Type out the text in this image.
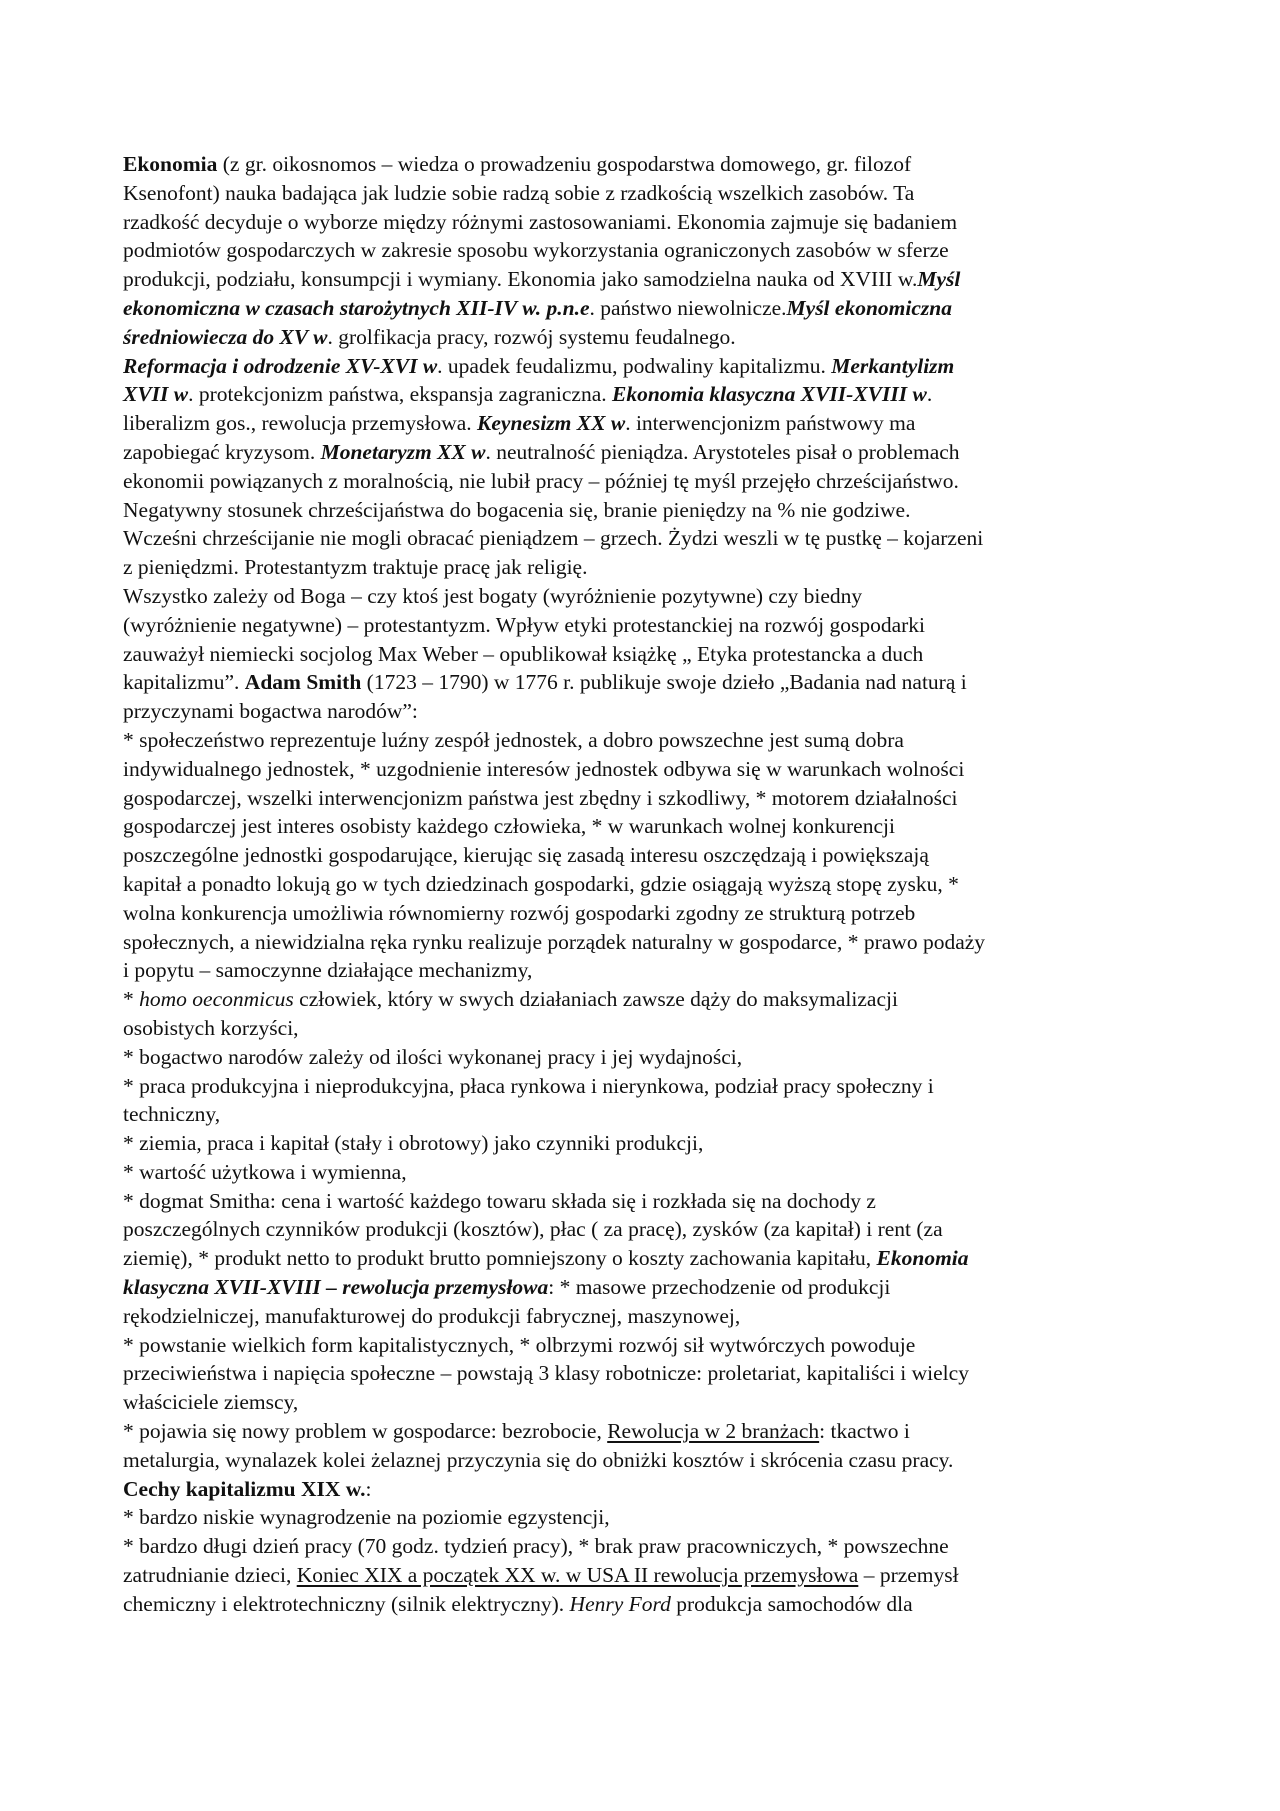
Ekonomia (z gr. oikosnomos – wiedza o prowadzeniu gospodarstwa domowego, gr. filozof
Ksenofont) nauka badająca jak ludzie sobie radzą sobie z rzadkością wszelkich zasobów. Ta
rzadkość decyduje o wyborze między różnymi zastosowaniami. Ekonomia zajmuje się badaniem
podmiotów gospodarczych w zakresie sposobu wykorzystania ograniczonych zasobów w sferze
produkcji, podziału, konsumpcji i wymiany. Ekonomia jako samodzielna nauka od XVIII w.Myśl
ekonomiczna w czasach starożytnych XII-IV w. p.n.e. państwo niewolnicze.Myśl ekonomiczna
średniowiecza do XV w. grolfikacja pracy, rozwój systemu feudalnego.
Reformacja i odrodzenie XV-XVI w. upadek feudalizmu, podwaliny kapitalizmu. Merkantylizm
XVII w. protekcjonizm państwa, ekspansja zagraniczna. Ekonomia klasyczna XVII-XVIII w.
liberalizm gos., rewolucja przemysłowa. Keynesizm XX w. interwencjonizm państwowy ma
zapobiegać kryzysom. Monetaryzm XX w. neutralność pieniądza. Arystoteles pisał o problemach
ekonomii powiązanych z moralnością, nie lubił pracy – później tę myśl przejęło chrześcijaństwo.
Negatywny stosunek chrześcijaństwa do bogacenia się, branie pieniędzy na % nie godziwe.
Wcześni chrześcijanie nie mogli obracać pieniądzem – grzech. Żydzi weszli w tę pustkę – kojarzeni
z pieniędzmi. Protestantyzm traktuje pracę jak religię.
Wszystko zależy od Boga – czy ktoś jest bogaty (wyróżnienie pozytywne) czy biedny
(wyróżnienie negatywne) – protestantyzm. Wpływ etyki protestanckiej na rozwój gospodarki
zauważył niemiecki socjolog Max Weber – opublikował książkę „ Etyka protestancka a duch
kapitalizmu”. Adam Smith (1723 – 1790) w 1776 r. publikuje swoje dzieło „Badania nad naturą i
przyczynami bogactwa narodów”:
* społeczeństwo reprezentuje luźny zespół jednostek, a dobro powszechne jest sumą dobra
indywidualnego jednostek, * uzgodnienie interesów jednostek odbywa się w warunkach wolności
gospodarczej, wszelki interwencjonizm państwa jest zbędny i szkodliwy, * motorem działalności
gospodarczej jest interes osobisty każdego człowieka, * w warunkach wolnej konkurencji
poszczególne jednostki gospodarujące, kierując się zasadą interesu oszczędzają i powiększają
kapitał a ponadto lokują go w tych dziedzinach gospodarki, gdzie osiągają wyższą stopę zysku, *
wolna konkurencja umożliwia równomierny rozwój gospodarki zgodny ze strukturą potrzeb
społecznych, a niewidzialna ręka rynku realizuje porządek naturalny w gospodarce, * prawo podaży
i popytu – samoczynne działające mechanizmy,
* homo oeconmicus człowiek, który w swych działaniach zawsze dąży do maksymalizacji
osobistych korzyści,
* bogactwo narodów zależy od ilości wykonanej pracy i jej wydajności,
* praca produkcyjna i nieprodukcyjna, płaca rynkowa i nierynkowa, podział pracy społeczny i
techniczny,
* ziemia, praca i kapitał (stały i obrotowy) jako czynniki produkcji,
* wartość użytkowa i wymienna,
* dogmat Smitha: cena i wartość każdego towaru składa się i rozkłada się na dochody z
poszczególnych czynników produkcji (kosztów), płac ( za pracę), zysków (za kapitał) i rent (za
ziemię), * produkt netto to produkt brutto pomniejszony o koszty zachowania kapitału, Ekonomia
klasyczna XVII-XVIII – rewolucja przemysłowa: * masowe przechodzenie od produkcji
rękodzielniczej, manufakturowej do produkcji fabrycznej, maszynowej,
* powstanie wielkich form kapitalistycznych, * olbrzymi rozwój sił wytwórczych powoduje
przeciwieństwa i napięcia społeczne – powstają 3 klasy robotnicze: proletariat, kapitaliści i wielcy
właściciele ziemscy,
* pojawia się nowy problem w gospodarce: bezrobocie, Rewolucja w 2 branżach: tkactwo i
metalurgia, wynalazek kolei żelaznej przyczynia się do obniżki kosztów i skrócenia czasu pracy.
Cechy kapitalizmu XIX w.:
* bardzo niskie wynagrodzenie na poziomie egzystencji,
* bardzo długi dzień pracy (70 godz. tydzień pracy), * brak praw pracowniczych, * powszechne
zatrudnianie dzieci, Koniec XIX a początek XX w. w USA II rewolucja przemysłowa – przemysł
chemiczny i elektrotechniczny (silnik elektryczny). Henry Ford produkcja samochodów dla
